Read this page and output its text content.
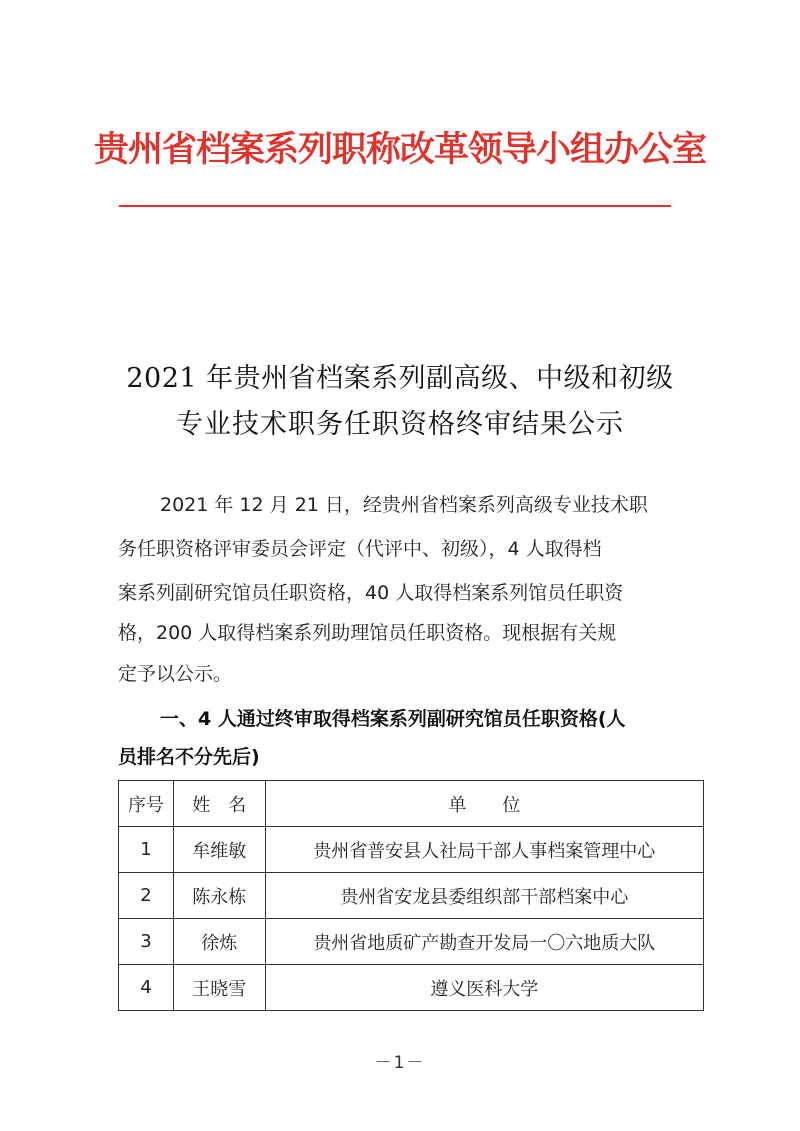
贵州省档案系列职称改革领导小组办公室
2021 年贵州省档案系列副高级、中级和初级
专业技术职务任职资格终审结果公示
2021 年 12 月 21 日，经贵州省档案系列高级专业技术职
务任职资格评审委员会评定（代评中、初级），4 人取得档
案系列副研究馆员任职资格，40 人取得档案系列馆员任职资
格，200 人取得档案系列助理馆员任职资格。现根据有关规
定予以公示。
一、4 人通过终审取得档案系列副研究馆员任职资格(人
员排名不分先后)
序号	姓　名	单　　位
1	牟维敏	贵州省普安县人社局干部人事档案管理中心
2	陈永栋	贵州省安龙县委组织部干部档案中心
3	徐炼	贵州省地质矿产勘查开发局一〇六地质大队
4	王晓雪	遵义医科大学
－1－
